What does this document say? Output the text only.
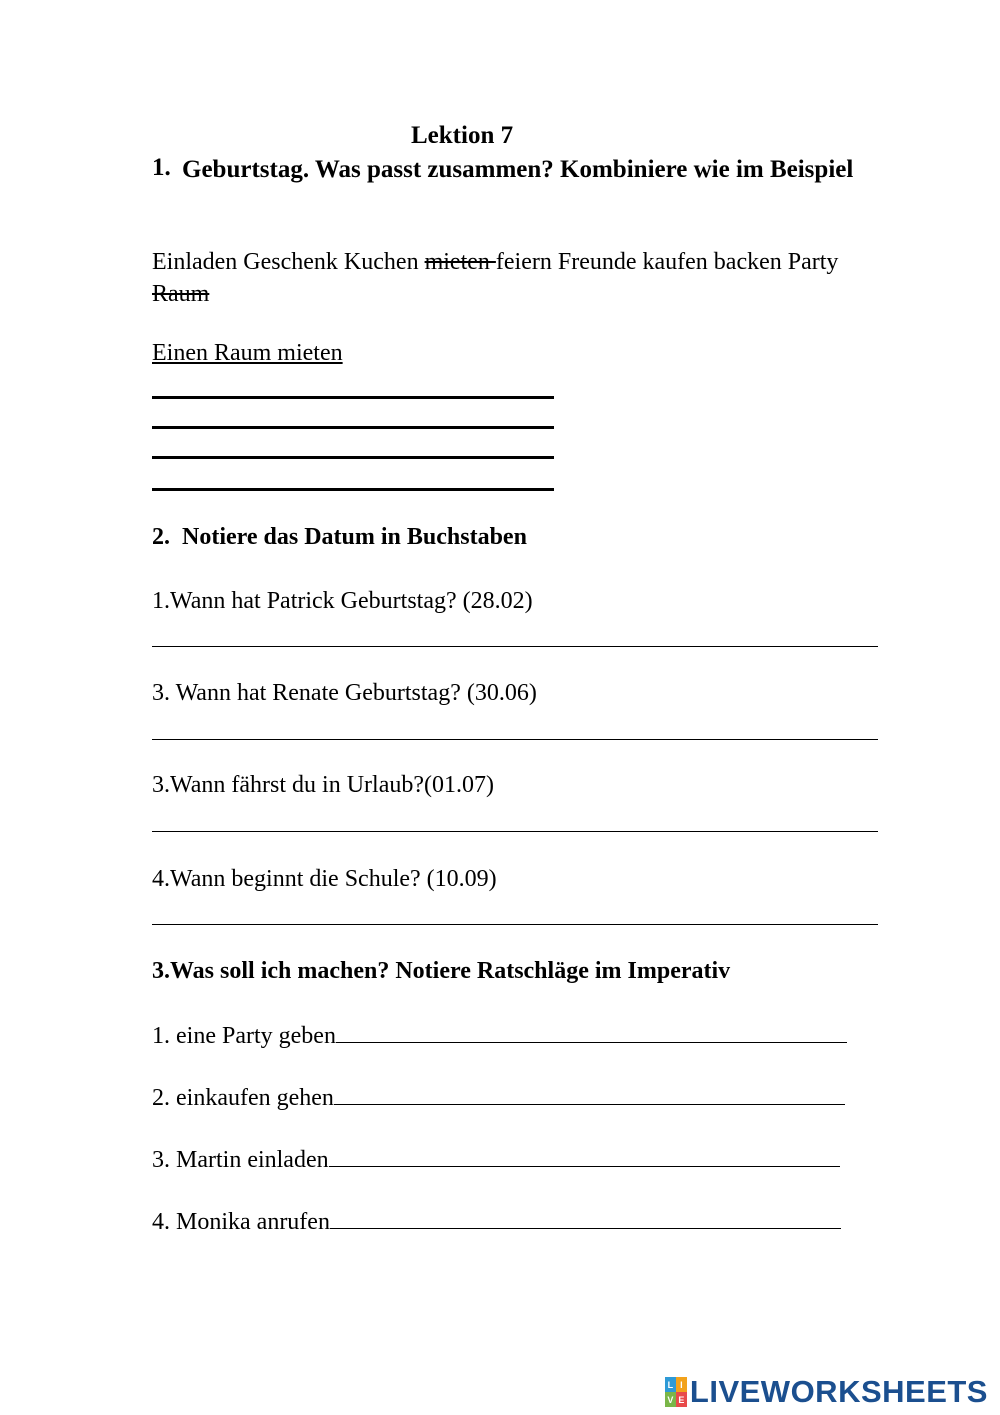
Lektion 7
1. Geburtstag. Was passt zusammen? Kombiniere wie im Beispiel
Einladen Geschenk Kuchen mieten feiern Freunde kaufen backen Party Raum
Einen Raum mieten
2. Notiere das Datum in Buchstaben
1.Wann hat Patrick Geburtstag? (28.02)
3. Wann hat Renate Geburtstag? (30.06)
3.Wann fährst du in Urlaub?(01.07)
4.Wann beginnt die Schule? (10.09)
3.Was soll ich machen? Notiere Ratschläge im Imperativ
1. eine Party geben
2. einkaufen gehen
3. Martin einladen
4. Monika anrufen
L I
V E LIVEWORKSHEETS
